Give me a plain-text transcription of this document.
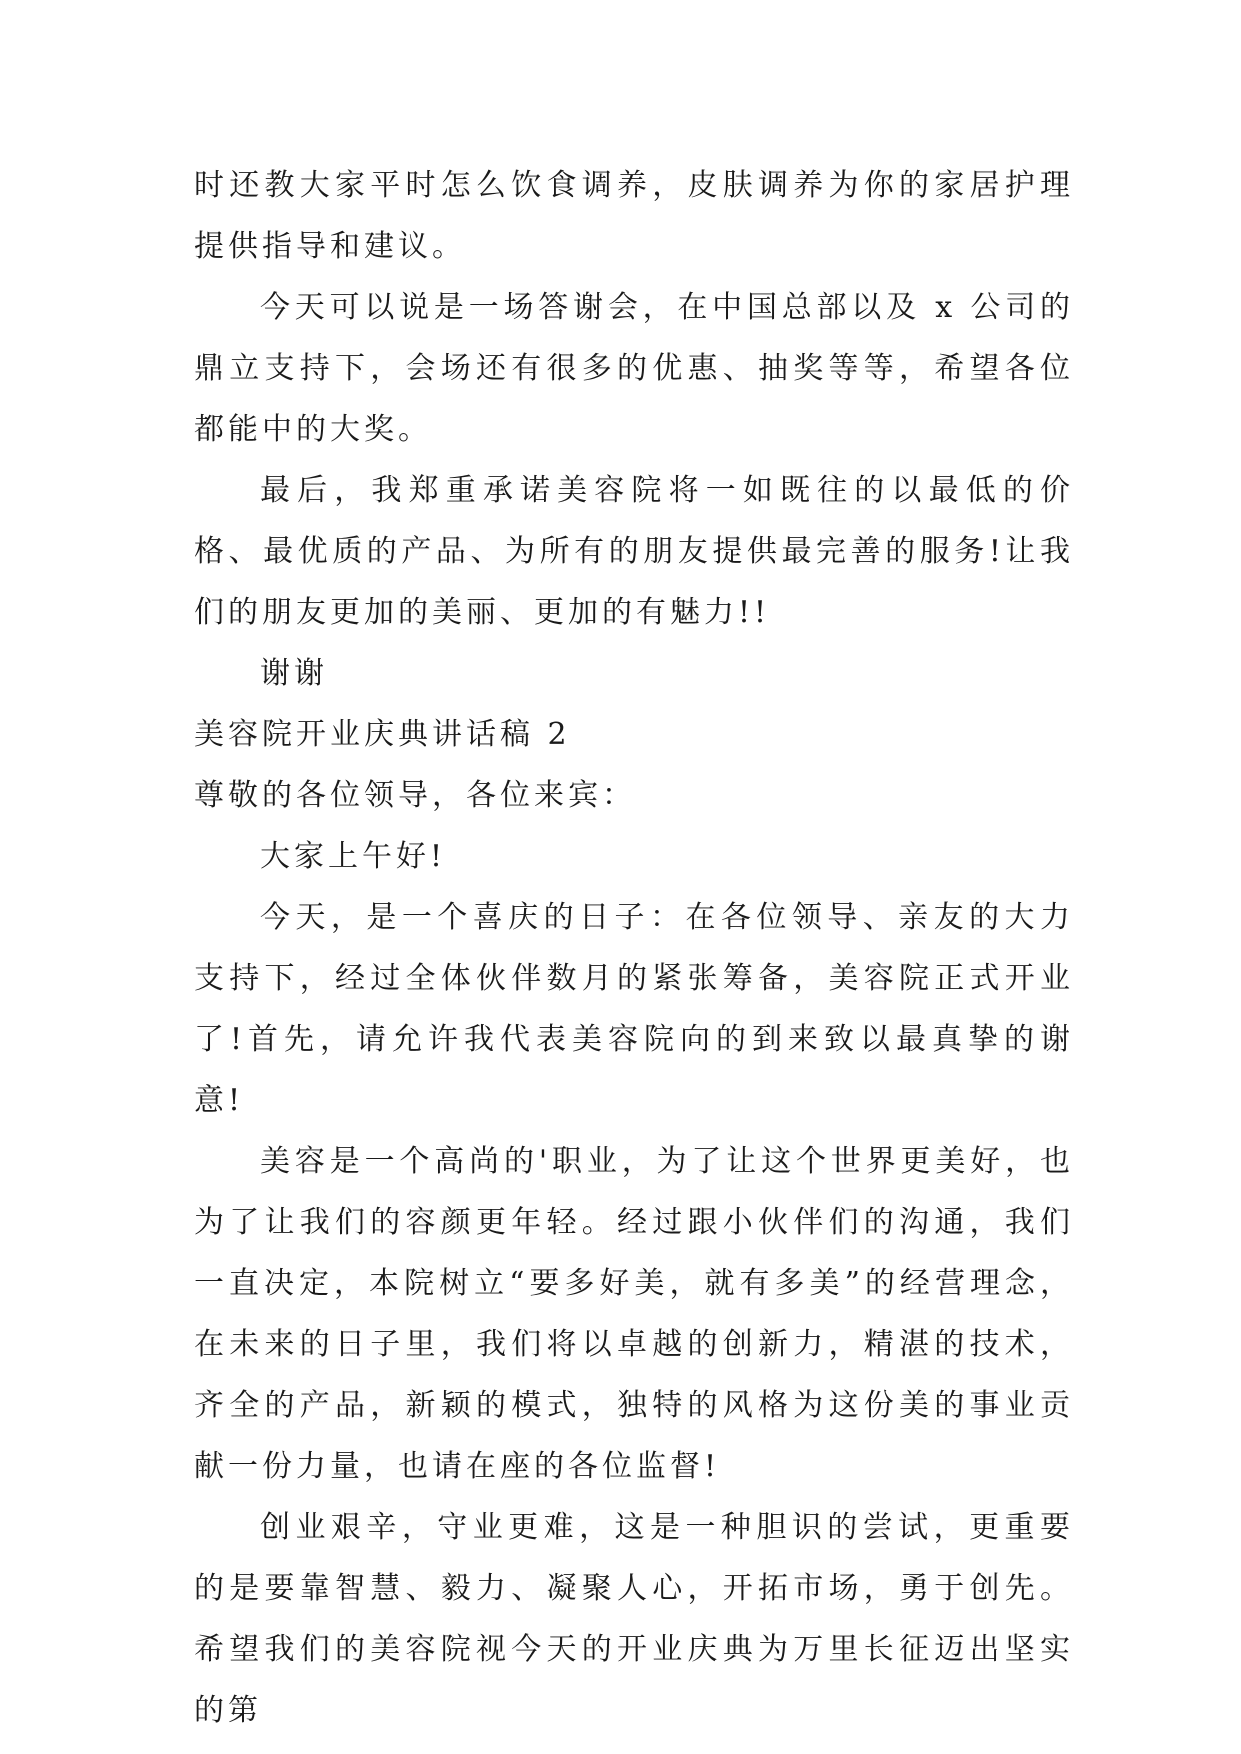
时还教大家平时怎么饮食调养，皮肤调养为你的家居护理提供指导和建议。

今天可以说是一场答谢会，在中国总部以及 x 公司的鼎立支持下，会场还有很多的优惠、抽奖等等，希望各位都能中的大奖。

最后，我郑重承诺美容院将一如既往的以最低的价格、最优质的产品、为所有的朋友提供最完善的服务!让我们的朋友更加的美丽、更加的有魅力!!

谢谢

美容院开业庆典讲话稿 2

尊敬的各位领导，各位来宾：

大家上午好!

今天，是一个喜庆的日子：在各位领导、亲友的大力支持下，经过全体伙伴数月的紧张筹备，美容院正式开业了!首先，请允许我代表美容院向的到来致以最真挚的谢意!

美容是一个高尚的'职业，为了让这个世界更美好，也为了让我们的容颜更年轻。经过跟小伙伴们的沟通，我们一直决定，本院树立“要多好美，就有多美”的经营理念，在未来的日子里，我们将以卓越的创新力，精湛的技术，齐全的产品，新颖的模式，独特的风格为这份美的事业贡献一份力量，也请在座的各位监督!

创业艰辛，守业更难，这是一种胆识的尝试，更重要的是要靠智慧、毅力、凝聚人心，开拓市场，勇于创先。希望我们的美容院视今天的开业庆典为万里长征迈出坚实的第
